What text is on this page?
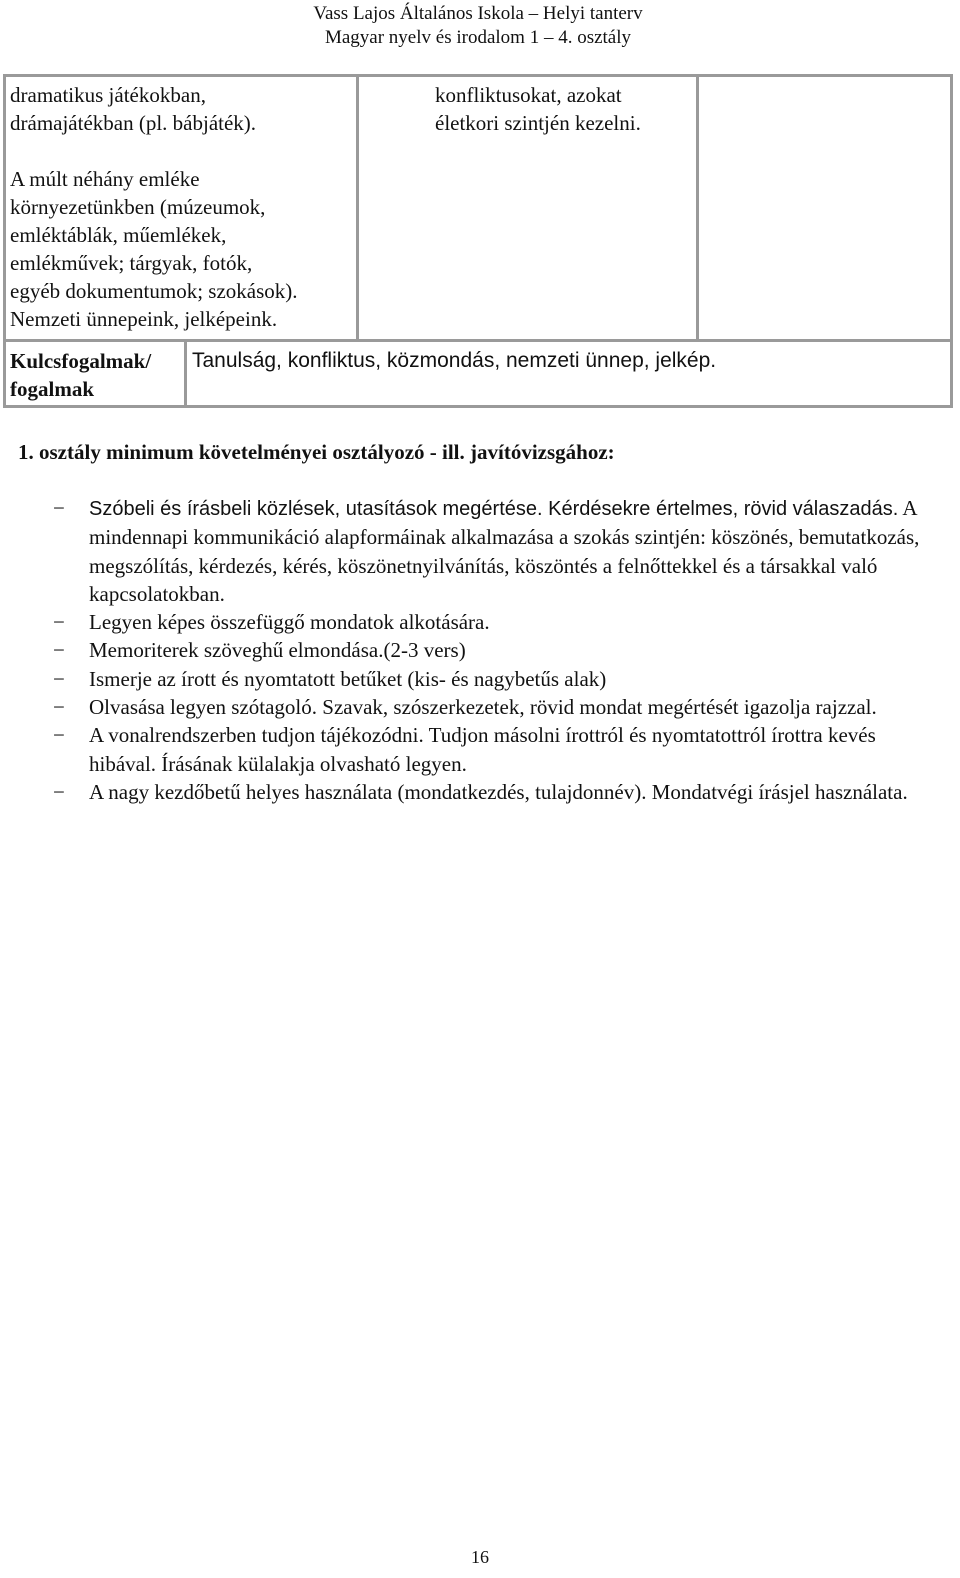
Vass Lajos Általános Iskola – Helyi tanterv
Magyar nyelv és irodalom 1 – 4. osztály
dramatikus játékokban,
drámajátékban (pl. bábjáték).
A múlt néhány emléke
környezetünkben (múzeumok,
emléktáblák, műemlékek,
emlékművek; tárgyak, fotók,
egyéb dokumentumok; szokások).
Nemzeti ünnepeink, jelképeink.
konfliktusokat, azokat
életkori szintjén kezelni.
Kulcsfogalmak/
fogalmak
Tanulság, konfliktus, közmondás, nemzeti ünnep, jelkép.
1. osztály minimum követelményei osztályozó - ill. javítóvizsgához:
− Szóbeli és írásbeli közlések, utasítások megértése. Kérdésekre értelmes, rövid válaszadás. A mindennapi kommunikáció alapformáinak alkalmazása a szokás szintjén: köszönés, bemutatkozás, megszólítás, kérdezés, kérés, köszönetnyilvánítás, köszöntés a felnőttekkel és a társakkal való kapcsolatokban.
− Legyen képes összefüggő mondatok alkotására.
− Memoriterek szöveghű elmondása.(2-3 vers)
− Ismerje az írott és nyomtatott betűket (kis- és nagybetűs alak)
− Olvasása legyen szótagoló. Szavak, szószerkezetek, rövid mondat megértését igazolja rajzzal.
− A vonalrendszerben tudjon tájékozódni. Tudjon másolni írottról és nyomtatottról írottra kevés hibával. Írásának külalakja olvasható legyen.
− A nagy kezdőbetű helyes használata (mondatkezdés, tulajdonnév). Mondatvégi írásjel használata.
16
